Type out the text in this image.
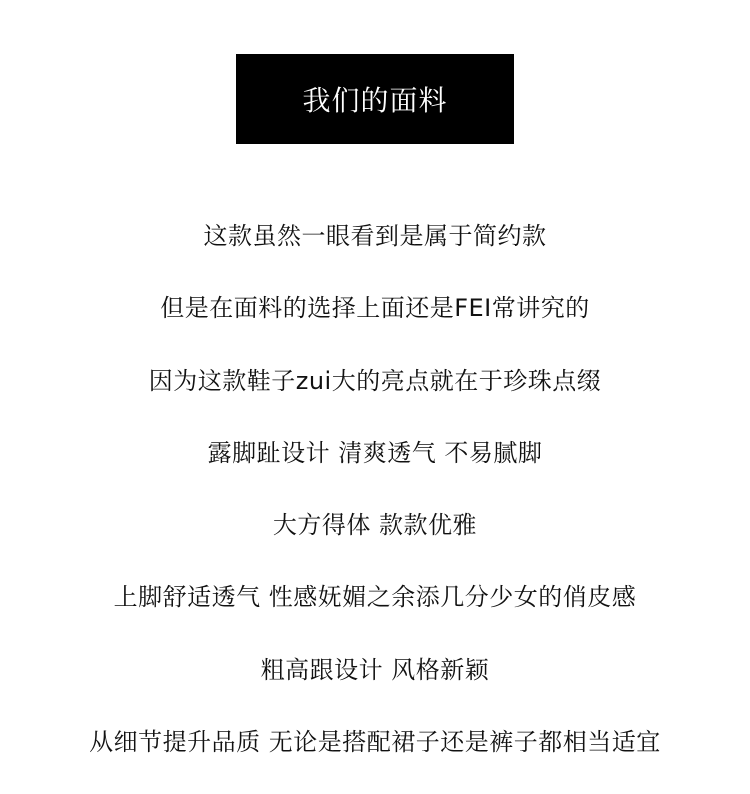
我们的面料
这款虽然一眼看到是属于简约款
但是在面料的选择上面还是FEI常讲究的
因为这款鞋子zui大的亮点就在于珍珠点缀
露脚趾设计 清爽透气 不易腻脚
大方得体 款款优雅
上脚舒适透气 性感妩媚之余添几分少女的俏皮感
粗高跟设计 风格新颖
从细节提升品质 无论是搭配裙子还是裤子都相当适宜
